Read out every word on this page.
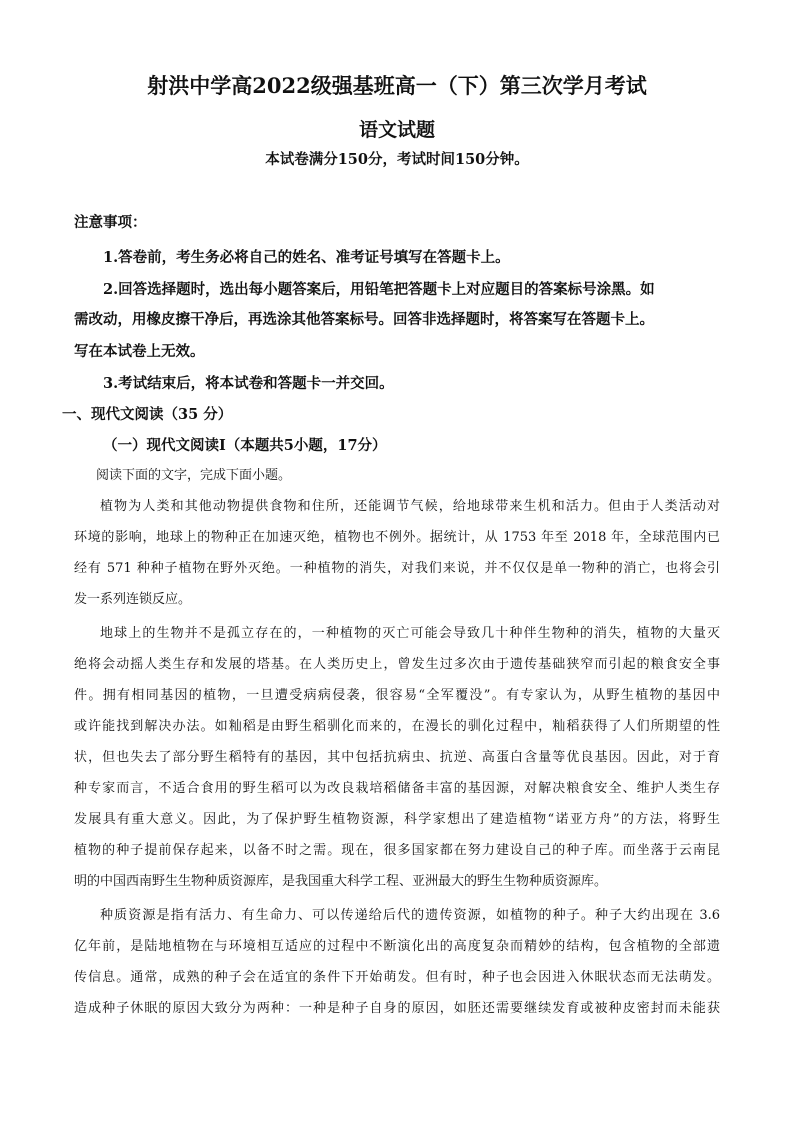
射洪中学高2022级强基班高一（下）第三次学月考试
语文试题
本试卷满分150分，考试时间150分钟。
注意事项：
1.答卷前，考生务必将自己的姓名、准考证号填写在答题卡上。
2.回答选择题时，选出每小题答案后，用铅笔把答题卡上对应题目的答案标号涂黑。如
需改动，用橡皮擦干净后，再选涂其他答案标号。回答非选择题时，将答案写在答题卡上。
写在本试卷上无效。
3.考试结束后，将本试卷和答题卡一并交回。
一、现代文阅读（35 分）
（一）现代文阅读Ⅰ（本题共5小题，17分）
阅读下面的文字，完成下面小题。
植物为人类和其他动物提供食物和住所，还能调节气候，给地球带来生机和活力。但由于人类活动对
环境的影响，地球上的物种正在加速灭绝，植物也不例外。据统计，从 1753 年至 2018 年，全球范围内已
经有 571 种种子植物在野外灭绝。一种植物的消失，对我们来说，并不仅仅是单一物种的消亡，也将会引
发一系列连锁反应。
地球上的生物并不是孤立存在的，一种植物的灭亡可能会导致几十种伴生物种的消失，植物的大量灭
绝将会动摇人类生存和发展的塔基。在人类历史上，曾发生过多次由于遗传基础狭窄而引起的粮食安全事
件。拥有相同基因的植物，一旦遭受病病侵袭，很容易“全军覆没”。有专家认为，从野生植物的基因中
或许能找到解决办法。如籼稻是由野生稻驯化而来的，在漫长的驯化过程中，籼稻获得了人们所期望的性
状，但也失去了部分野生稻特有的基因，其中包括抗病虫、抗逆、高蛋白含量等优良基因。因此，对于育
种专家而言，不适合食用的野生稻可以为改良栽培稻储备丰富的基因源，对解决粮食安全、维护人类生存
发展具有重大意义。因此，为了保护野生植物资源，科学家想出了建造植物“诺亚方舟”的方法，将野生
植物的种子提前保存起来，以备不时之需。现在，很多国家都在努力建设自己的种子库。而坐落于云南昆
明的中国西南野生生物种质资源库，是我国重大科学工程、亚洲最大的野生生物种质资源库。
种质资源是指有活力、有生命力、可以传递给后代的遗传资源，如植物的种子。种子大约出现在 3.6
亿年前，是陆地植物在与环境相互适应的过程中不断演化出的高度复杂而精妙的结构，包含植物的全部遗
传信息。通常，成熟的种子会在适宜的条件下开始萌发。但有时，种子也会因进入休眠状态而无法萌发。
造成种子休眠的原因大致分为两种：一种是种子自身的原因，如胚还需要继续发育或被种皮密封而未能获
